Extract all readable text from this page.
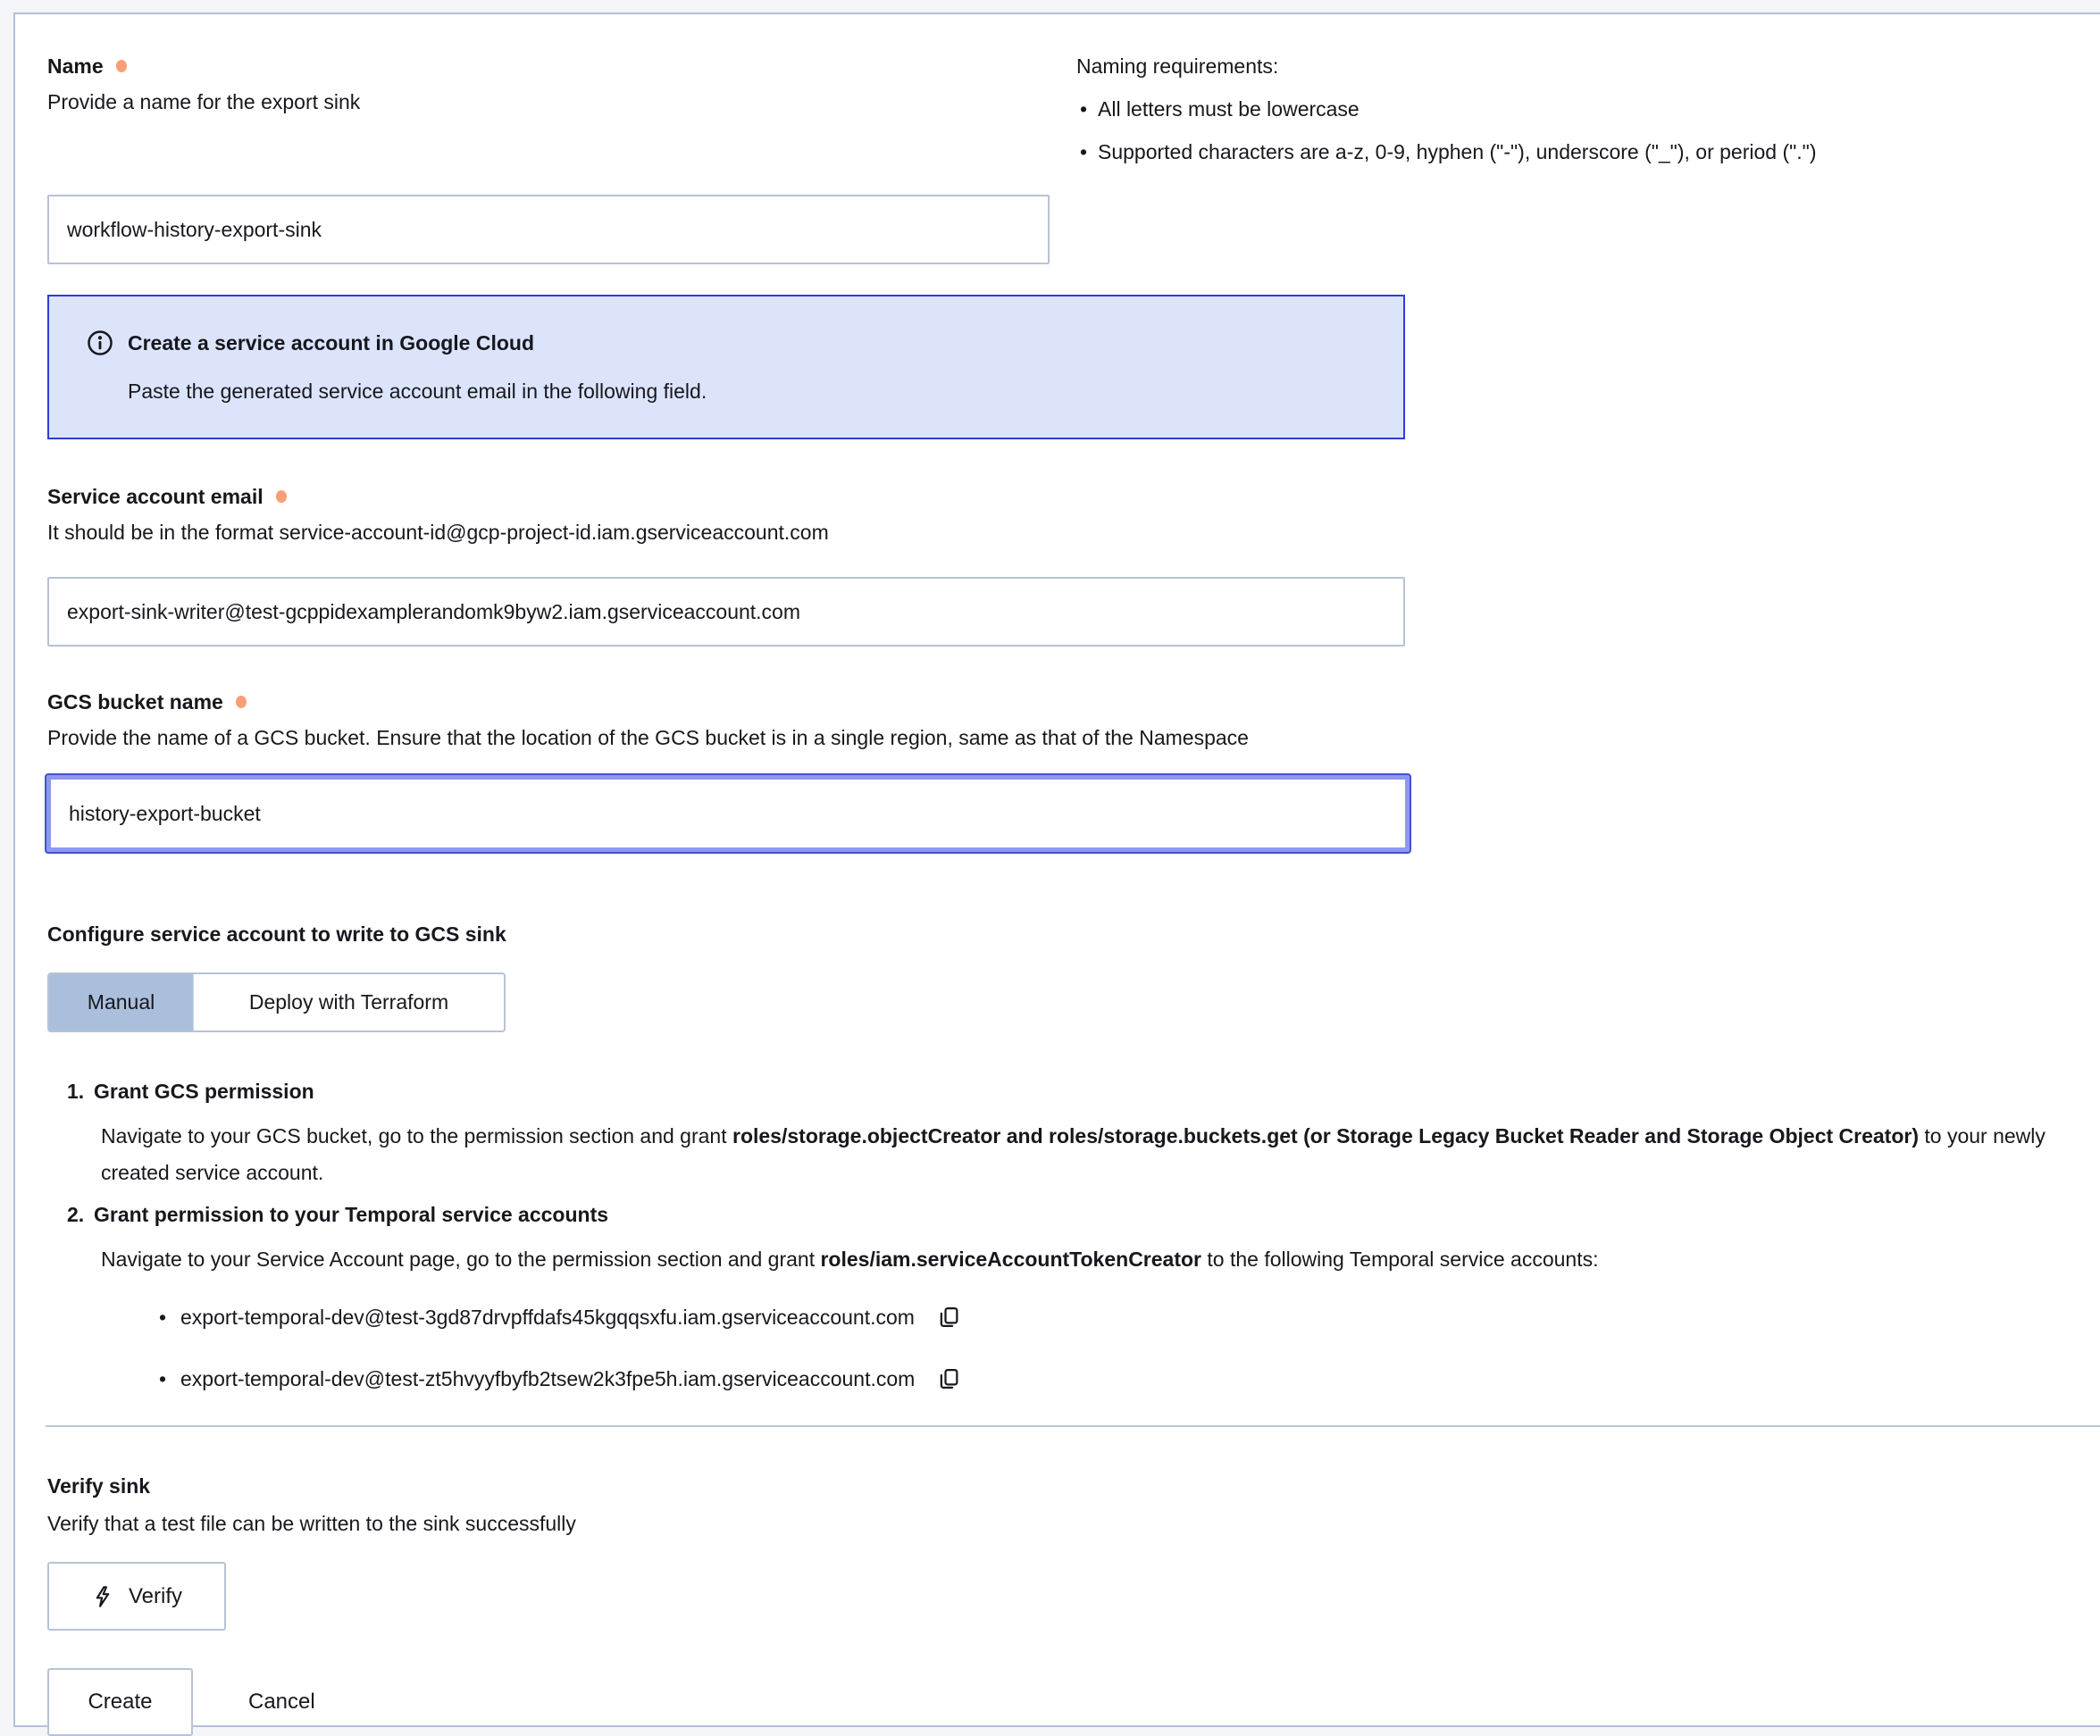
Name
Provide a name for the export sink
Naming requirements:
• All letters must be lowercase
• Supported characters are a-z, 0-9, hyphen ("-"), underscore ("_"), or period (".")
workflow-history-export-sink
Create a service account in Google Cloud
Paste the generated service account email in the following field.
Service account email
It should be in the format service-account-id@gcp-project-id.iam.gserviceaccount.com
export-sink-writer@test-gcppidexamplerandomk9byw2.iam.gserviceaccount.com
GCS bucket name
Provide the name of a GCS bucket. Ensure that the location of the GCS bucket is in a single region, same as that of the Namespace
history-export-bucket
Configure service account to write to GCS sink
Manual	Deploy with Terraform
1. Grant GCS permission
Navigate to your GCS bucket, go to the permission section and grant roles/storage.objectCreator and roles/storage.buckets.get (or Storage Legacy Bucket Reader and Storage Object Creator) to your newly created service account.
2. Grant permission to your Temporal service accounts
Navigate to your Service Account page, go to the permission section and grant roles/iam.serviceAccountTokenCreator to the following Temporal service accounts:
• export-temporal-dev@test-3gd87drvpffdafs45kgqqsxfu.iam.gserviceaccount.com
• export-temporal-dev@test-zt5hvyyfbyfb2tsew2k3fpe5h.iam.gserviceaccount.com
Verify sink
Verify that a test file can be written to the sink successfully
Verify
Create	Cancel
